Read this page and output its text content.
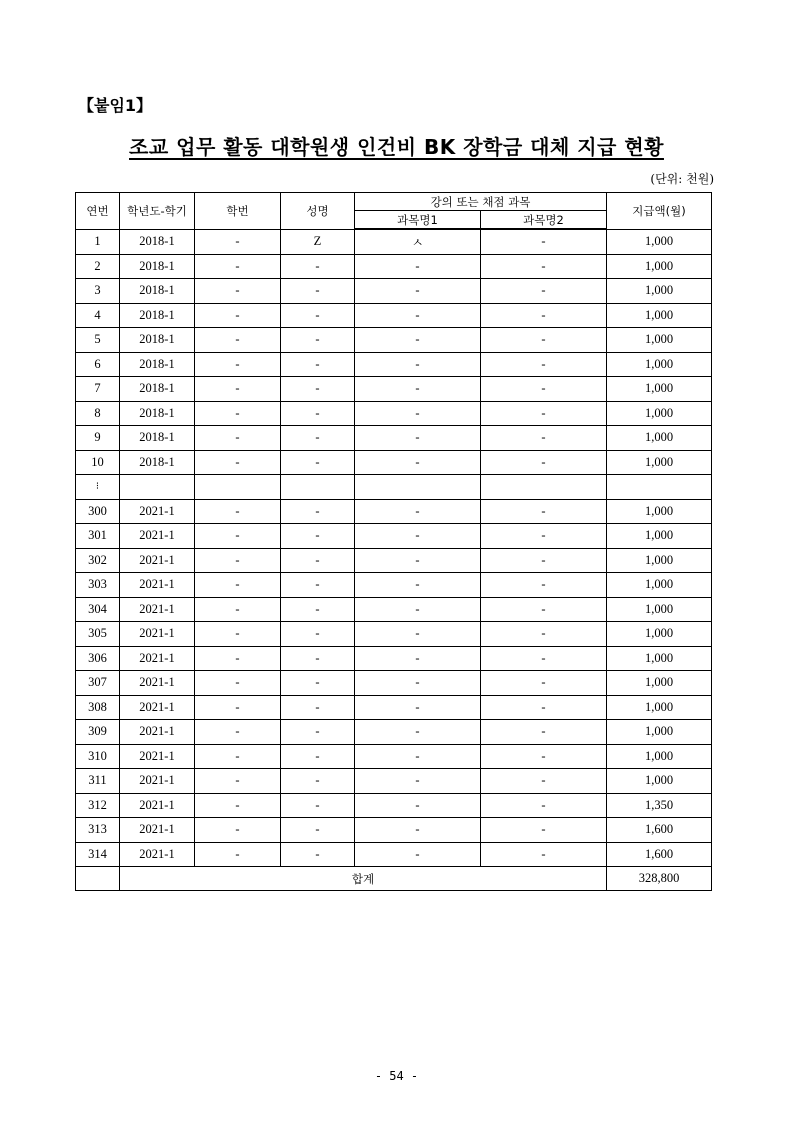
【붙임1】
조교 업무 활동 대학원생 인건비 BK 장학금 대체 지급 현황
(단위: 천원)
연번	학년도-학기	학번	성명	강의 또는 채점 과목		지급액(월)
				과목명1	과목명2	
1	2018-1	-	Z	ㅅ	-	1,000
2	2018-1	-	-	-	-	1,000
3	2018-1	-	-	-	-	1,000
4	2018-1	-	-	-	-	1,000
5	2018-1	-	-	-	-	1,000
6	2018-1	-	-	-	-	1,000
7	2018-1	-	-	-	-	1,000
8	2018-1	-	-	-	-	1,000
9	2018-1	-	-	-	-	1,000
10	2018-1	-	-	-	-	1,000
⁝						
300	2021-1	-	-	-	-	1,000
301	2021-1	-	-	-	-	1,000
302	2021-1	-	-	-	-	1,000
303	2021-1	-	-	-	-	1,000
304	2021-1	-	-	-	-	1,000
305	2021-1	-	-	-	-	1,000
306	2021-1	-	-	-	-	1,000
307	2021-1	-	-	-	-	1,000
308	2021-1	-	-	-	-	1,000
309	2021-1	-	-	-	-	1,000
310	2021-1	-	-	-	-	1,000
311	2021-1	-	-	-	-	1,000
312	2021-1	-	-	-	-	1,350
313	2021-1	-	-	-	-	1,600
314	2021-1	-	-	-	-	1,600
	합계					328,800
- 54 -
